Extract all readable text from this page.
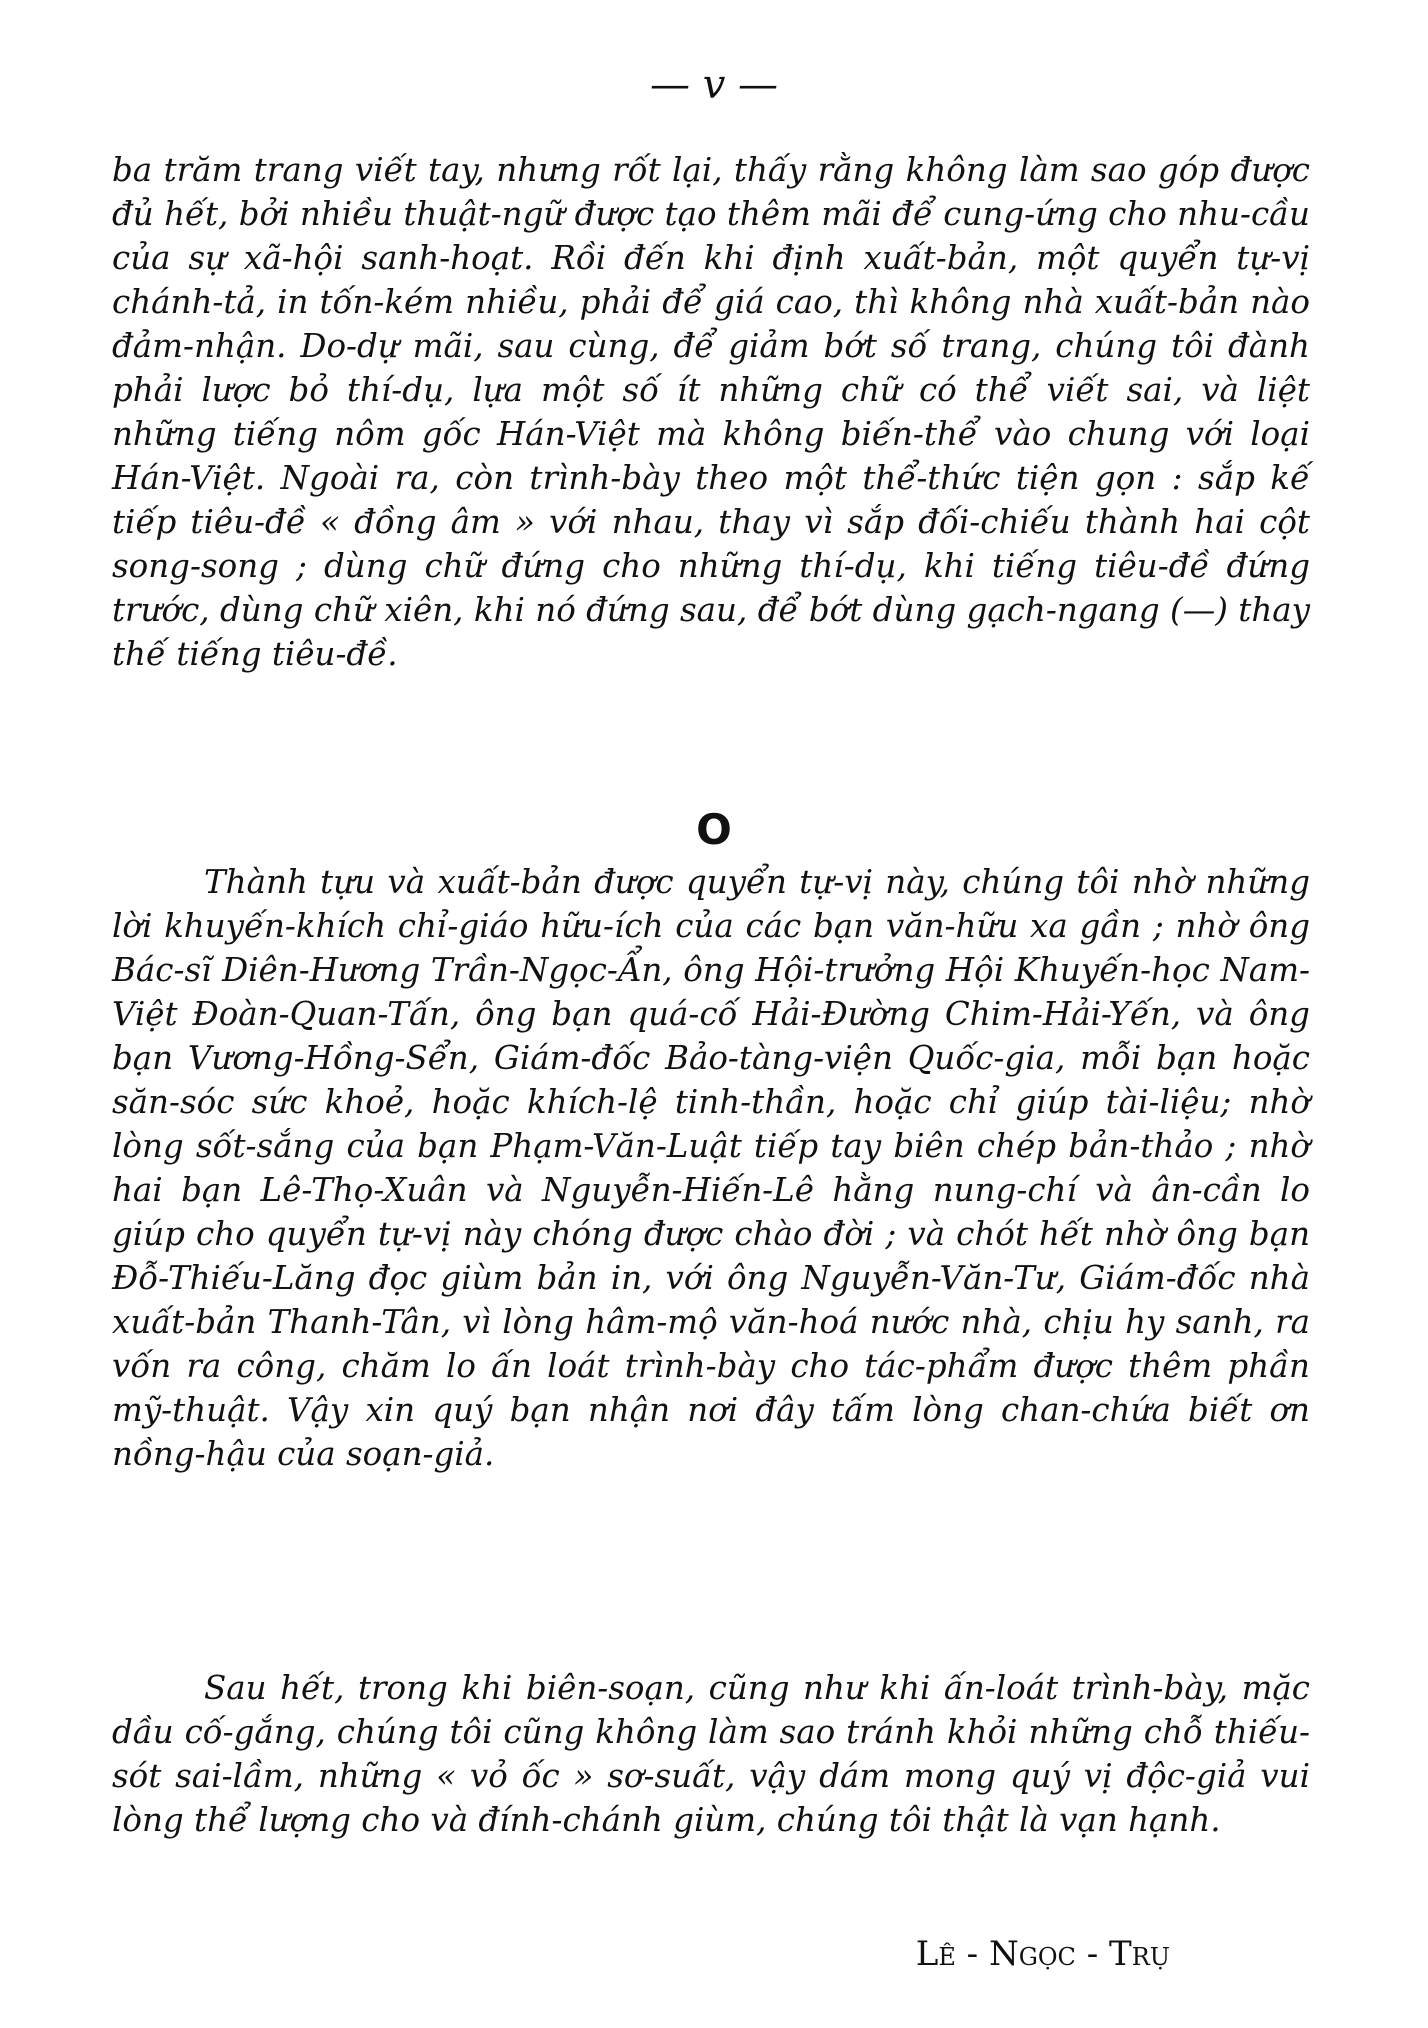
— v —

ba trăm trang viết tay, nhưng rốt lại, thấy rằng không làm sao góp được đủ hết, bởi nhiều thuật-ngữ được tạo thêm mãi để cung-ứng cho nhu-cầu của sự xã-hội sanh-hoạt. Rồi đến khi định xuất-bản, một quyển tự-vị chánh-tả, in tốn-kém nhiều, phải để giá cao, thì không nhà xuất-bản nào đảm-nhận. Do-dự mãi, sau cùng, để giảm bớt số trang, chúng tôi đành phải lược bỏ thí-dụ, lựa một số ít những chữ có thể viết sai, và liệt những tiếng nôm gốc Hán-Việt mà không biến-thể vào chung với loại Hán-Việt. Ngoài ra, còn trình-bày theo một thể-thức tiện gọn : sắp kế tiếp tiêu-đề « đồng âm » với nhau, thay vì sắp đối-chiếu thành hai cột song-song ; dùng chữ đứng cho những thí-dụ, khi tiếng tiêu-đề đứng trước, dùng chữ xiên, khi nó đứng sau, để bớt dùng gạch-ngang (—) thay thế tiếng tiêu-đề.

O

Thành tựu và xuất-bản được quyển tự-vị này, chúng tôi nhờ những lời khuyến-khích chỉ-giáo hữu-ích của các bạn văn-hữu xa gần ; nhờ ông Bác-sĩ Diên-Hương Trần-Ngọc-Ẩn, ông Hội-trưởng Hội Khuyến-học Nam-Việt Đoàn-Quan-Tấn, ông bạn quá-cố Hải-Đường Chim-Hải-Yến, và ông bạn Vương-Hồng-Sển, Giám-đốc Bảo-tàng-viện Quốc-gia, mỗi bạn hoặc săn-sóc sức khoẻ, hoặc khích-lệ tinh-thần, hoặc chỉ giúp tài-liệu; nhờ lòng sốt-sắng của bạn Phạm-Văn-Luật tiếp tay biên chép bản-thảo ; nhờ hai bạn Lê-Thọ-Xuân và Nguyễn-Hiến-Lê hằng nung-chí và ân-cần lo giúp cho quyển tự-vị này chóng được chào đời ; và chót hết nhờ ông bạn Đỗ-Thiếu-Lăng đọc giùm bản in, với ông Nguyễn-Văn-Tư, Giám-đốc nhà xuất-bản Thanh-Tân, vì lòng hâm-mộ văn-hoá nước nhà, chịu hy sanh, ra vốn ra công, chăm lo ấn loát trình-bày cho tác-phẩm được thêm phần mỹ-thuật. Vậy xin quý bạn nhận nơi đây tấm lòng chan-chứa biết ơn nồng-hậu của soạn-giả.

Sau hết, trong khi biên-soạn, cũng như khi ấn-loát trình-bày, mặc dầu cố-gắng, chúng tôi cũng không làm sao tránh khỏi những chỗ thiếu-sót sai-lầm, những « vỏ ốc » sơ-suất, vậy dám mong quý vị độc-giả vui lòng thể lượng cho và đính-chánh giùm, chúng tôi thật là vạn hạnh.

Lê - Ngọc - Trụ
